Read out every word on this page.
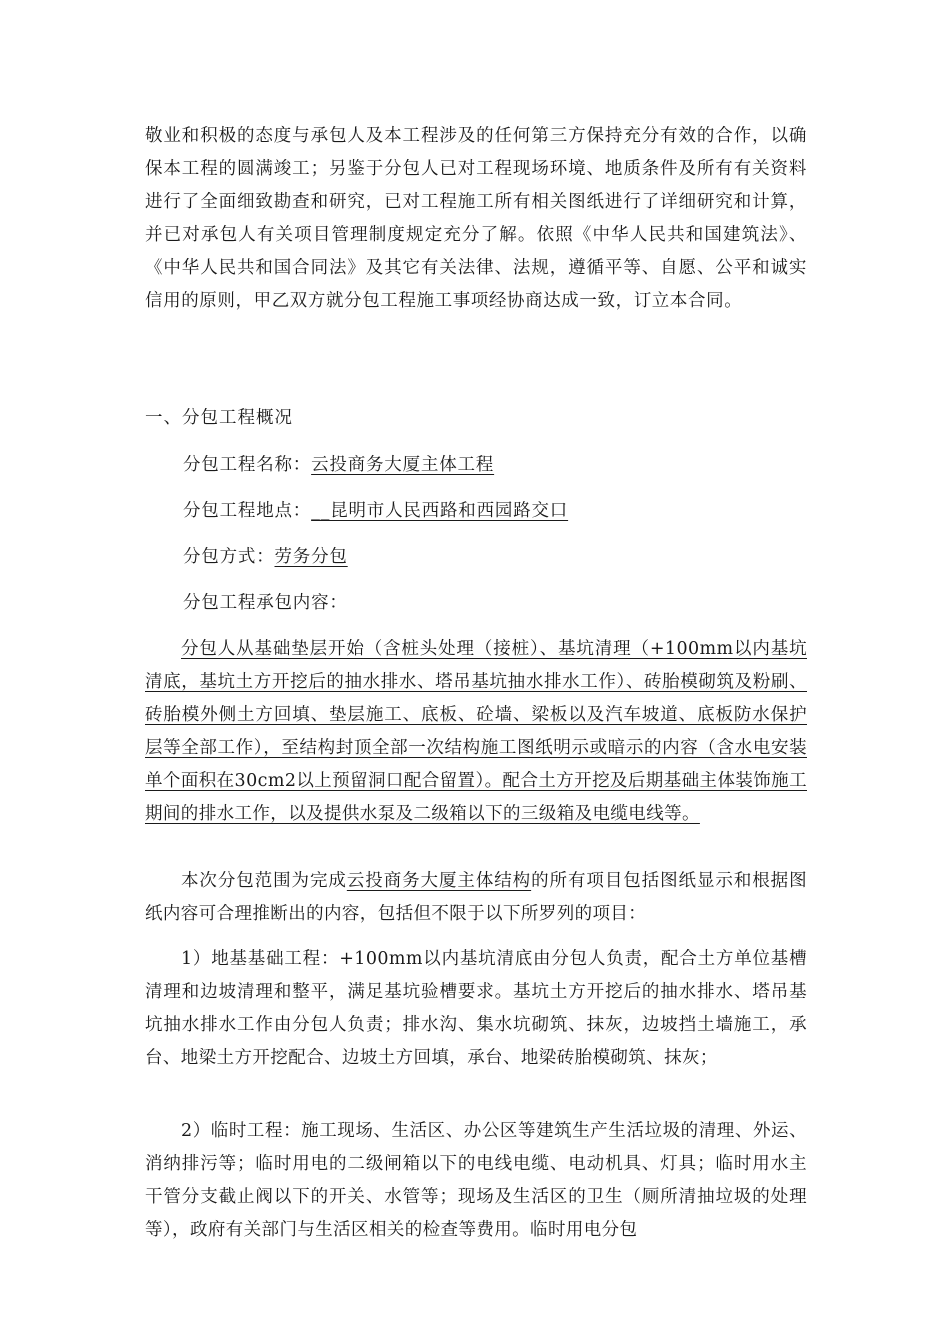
敬业和积极的态度与承包人及本工程涉及的任何第三方保持充分有效的合作，以确保本工程的圆满竣工；另鉴于分包人已对工程现场环境、地质条件及所有有关资料进行了全面细致勘查和研究，已对工程施工所有相关图纸进行了详细研究和计算，并已对承包人有关项目管理制度规定充分了解。依照《中华人民共和国建筑法》、《中华人民共和国合同法》及其它有关法律、法规，遵循平等、自愿、公平和诚实信用的原则，甲乙双方就分包工程施工事项经协商达成一致，订立本合同。
一、分包工程概况
分包工程名称：云投商务大厦主体工程
分包工程地点：__昆明市人民西路和西园路交口
分包方式：劳务分包
分包工程承包内容：
分包人从基础垫层开始（含桩头处理（接桩）、基坑清理（+100mm以内基坑清底，基坑土方开挖后的抽水排水、塔吊基坑抽水排水工作）、砖胎模砌筑及粉刷、砖胎模外侧土方回填、垫层施工、底板、砼墙、梁板以及汽车坡道、底板防水保护层等全部工作），至结构封顶全部一次结构施工图纸明示或暗示的内容（含水电安装单个面积在30cm2以上预留洞口配合留置）。配合土方开挖及后期基础主体装饰施工期间的排水工作，以及提供水泵及二级箱以下的三级箱及电缆电线等。
本次分包范围为完成云投商务大厦主体结构的所有项目包括图纸显示和根据图纸内容可合理推断出的内容，包括但不限于以下所罗列的项目：
1）地基基础工程：+100mm以内基坑清底由分包人负责，配合土方单位基槽清理和边坡清理和整平，满足基坑验槽要求。基坑土方开挖后的抽水排水、塔吊基坑抽水排水工作由分包人负责；排水沟、集水坑砌筑、抹灰，边坡挡土墙施工，承台、地梁土方开挖配合、边坡土方回填，承台、地梁砖胎模砌筑、抹灰；
2）临时工程：施工现场、生活区、办公区等建筑生产生活垃圾的清理、外运、消纳排污等；临时用电的二级闸箱以下的电线电缆、电动机具、灯具；临时用水主干管分支截止阀以下的开关、水管等；现场及生活区的卫生（厕所清抽垃圾的处理等），政府有关部门与生活区相关的检查等费用。临时用电分包
